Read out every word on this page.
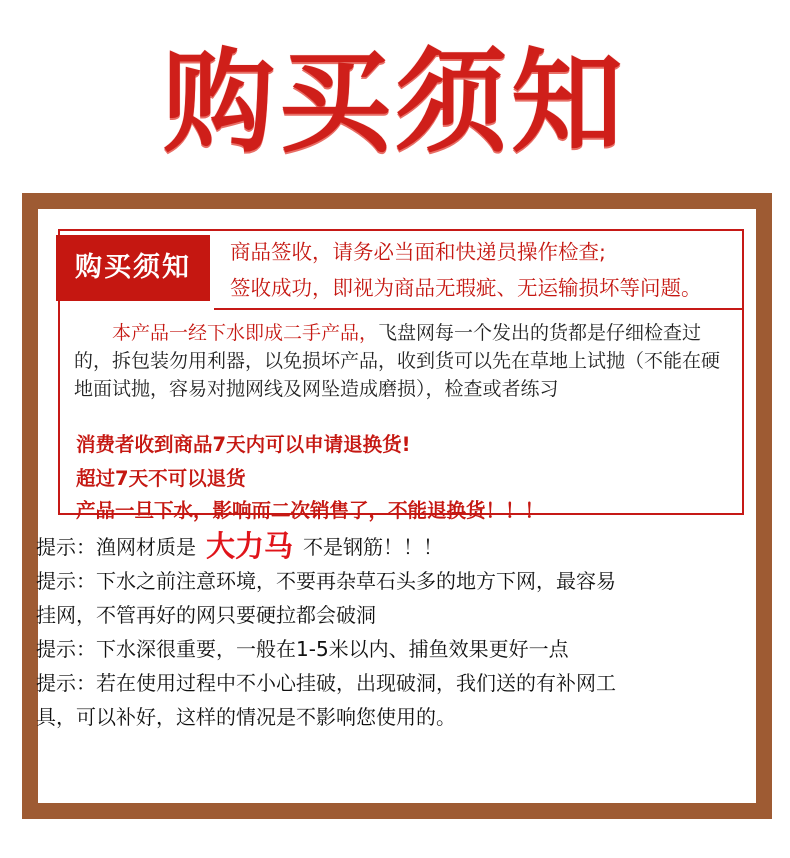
购买须知
购买须知	商品签收，请务必当面和快递员操作检查;
签收成功，即视为商品无瑕疵、无运输损坏等问题。
  本产品一经下水即成二手产品，飞盘网每一个发出的货都是仔细检查过的，拆包装勿用利器，以免损坏产品，收到货可以先在草地上试抛（不能在硬地面试抛，容易对抛网线及网坠造成磨损），检查或者练习
消费者收到商品7天内可以申请退换货!
超过7天不可以退货
产品一旦下水，影响而二次销售了，不能退换货！！！
提示：渔网材质是 大力马 不是钢筋！！！
提示：下水之前注意环境，不要再杂草石头多的地方下网，最容易
挂网，不管再好的网只要硬拉都会破洞
提示：下水深很重要，一般在1-5米以内、捕鱼效果更好一点
提示：若在使用过程中不小心挂破，出现破洞，我们送的有补网工
具，可以补好，这样的情况是不影响您使用的。
